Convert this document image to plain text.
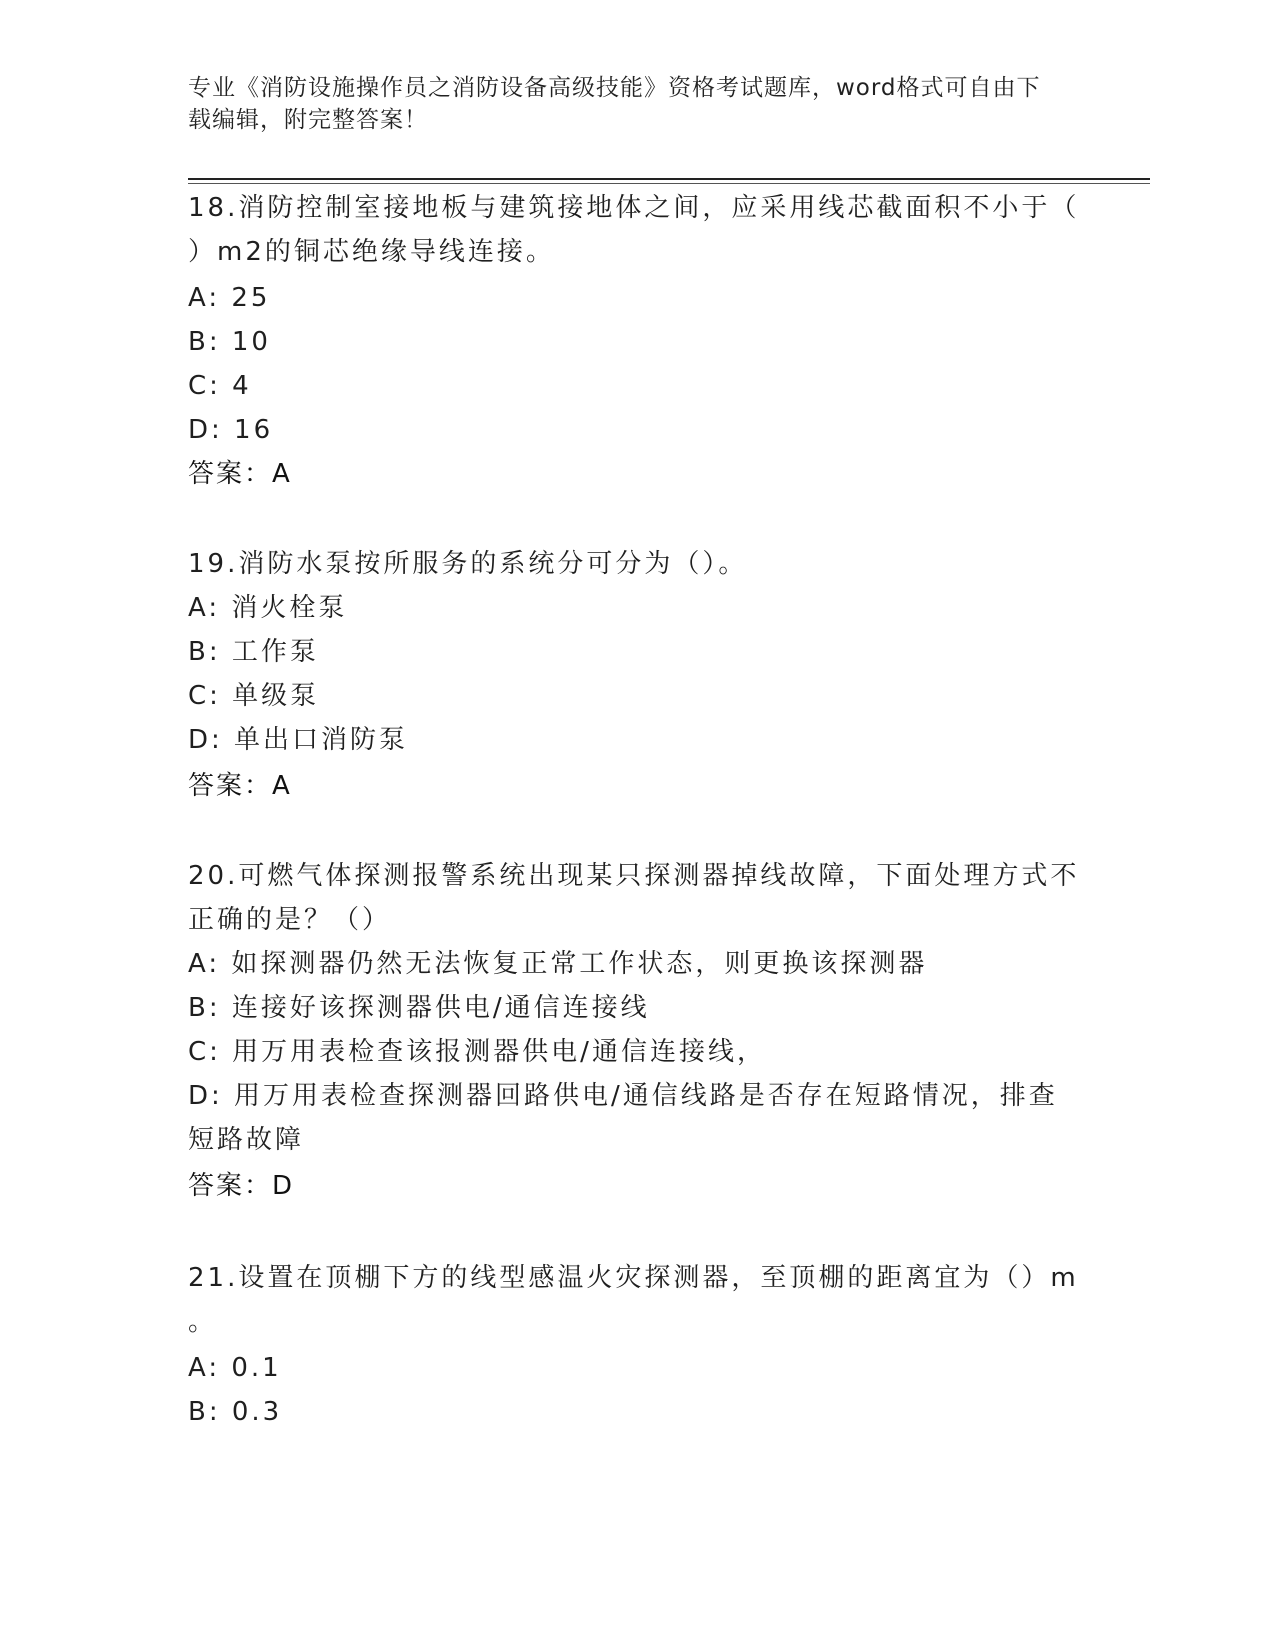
专业《消防设施操作员之消防设备高级技能》资格考试题库，word格式可自由下
载编辑，附完整答案！
18.消防控制室接地板与建筑接地体之间，应采用线芯截面积不小于（
）m2的铜芯绝缘导线连接。
A: 25
B: 10
C: 4
D: 16
答案：A
19.消防水泵按所服务的系统分可分为（）。
A: 消火栓泵
B: 工作泵
C: 单级泵
D: 单出口消防泵
答案：A
20.可燃气体探测报警系统出现某只探测器掉线故障，下面处理方式不
正确的是？（）
A: 如探测器仍然无法恢复正常工作状态，则更换该探测器
B: 连接好该探测器供电/通信连接线
C: 用万用表检查该报测器供电/通信连接线，
D: 用万用表检查探测器回路供电/通信线路是否存在短路情况，排查
短路故障
答案：D
21.设置在顶棚下方的线型感温火灾探测器，至顶棚的距离宜为（）m
。
A: 0.1
B: 0.3
